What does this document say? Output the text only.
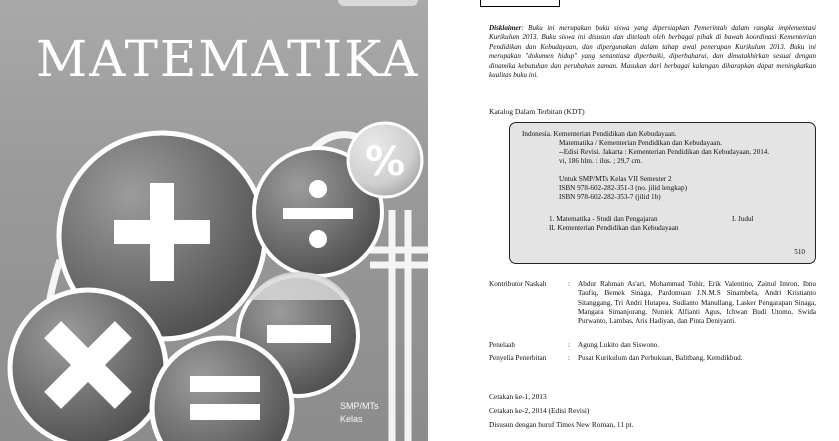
MATEMATIKA
%
SMP/MTs
Kelas
Disklaimer: Buku ini merupakan buku siswa yang dipersiapkan Pemerintah dalam rangka implementasi Kurikulum 2013. Buku siswa ini disusun dan ditelaah oleh berbagai pihak di bawah koordinasi Kementerian Pendidikan dan Kebudayaan, dan dipergunakan dalam tahap awal penerapan Kurikulum 2013. Buku ini merupakan "dokumen hidup" yang senantiasa diperbaiki, diperbaharui, dan dimutakhirkan sesuai dengan dinamika kebutuhan dan perubahan zaman. Masukan dari berbagai kalangan diharapkan dapat meningkatkan kualitas buku ini.
Katalog Dalam Terbitan (KDT)
Indonesia. Kementerian Pendidikan dan Kebudayaan.
Matematika / Kementerian Pendidikan dan Kebudayaan.
--Edisi Revisi. Jakarta : Kementerian Pendidikan dan Kebudayaan, 2014.
vi, 186 hlm. : ilus. ; 29,7 cm.
Untuk SMP/MTs Kelas VII Semester 2
ISBN 978-602-282-351-3 (no. jilid lengkap)
ISBN 978-602-282-353-7 (jilid 1b)
1. Matematika - Studi dan Pengajaran	I. Judul
II. Kementerian Pendidikan dan Kebudayaan
510
Kontributor Naskah	: Abdur Rahman As'ari, Mohammad Tohir, Erik Valentino, Zainul Imron, Ibnu Taufiq, Bemek Sinaga, Pardomuan J.N.M.S Sinambela, Andri Kristianto Sitanggang, Tri Andri Hutapea, Sudianto Manullang, Lasker Pengarapan Sinaga, Mangara Simanjorang, Nuniek Alfianti Agus, Ichwan Budi Utomo, Swida Purwanto, Lambas, Aris Hadiyan, dan Pinta Deniyanti.
Penelaah	: Agung Lukito dan Siswono.
Penyelia Penerbitan	: Pusat Kurikulum dan Perbukuan, Balitbang, Kemdikbud.
Cetakan ke-1, 2013
Cetakan ke-2, 2014 (Edisi Revisi)
Disusun dengan huruf Times New Roman, 11 pt.
